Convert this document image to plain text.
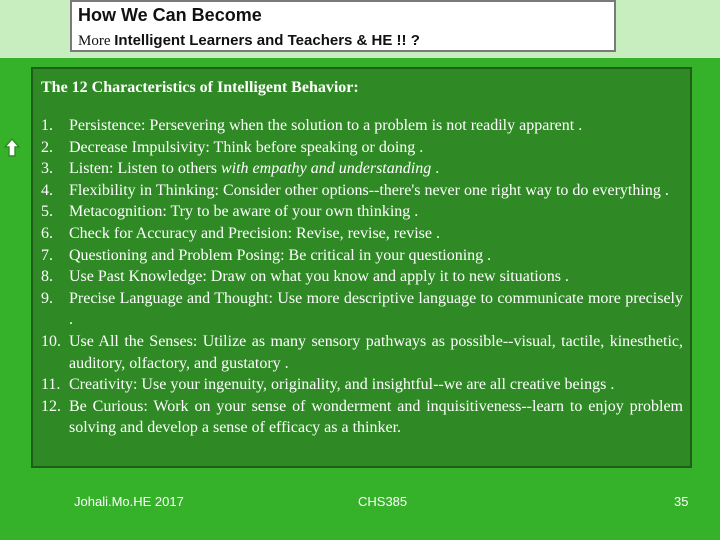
How We Can Become
More Intelligent Learners and Teachers & HE !! ?
The 12 Characteristics of Intelligent Behavior:
1.	Persistence: Persevering when the solution to a problem is not readily apparent .
2.	Decrease Impulsivity: Think before speaking or doing .
3.	Listen: Listen to others with empathy and understanding .
4.	Flexibility in Thinking: Consider other options--there's never one right way to do everything .
5.	Metacognition: Try to be aware of your own thinking .
6.	Check for Accuracy and Precision: Revise, revise, revise .
7.	Questioning and Problem Posing: Be critical in your questioning .
8.	Use Past Knowledge: Draw on what you know and apply it to new situations .
9.	Precise Language and Thought: Use more descriptive language to communicate more precisely .
10. Use All the Senses: Utilize as many sensory pathways as possible--visual, tactile, kinesthetic, auditory, olfactory, and gustatory .
11. Creativity: Use your ingenuity, originality, and insightful--we are all creative beings .
12. Be Curious: Work on your sense of wonderment and inquisitiveness--learn to enjoy problem solving and develop a sense of efficacy as a thinker.
Johali.Mo.HE 2017	CHS385	35
